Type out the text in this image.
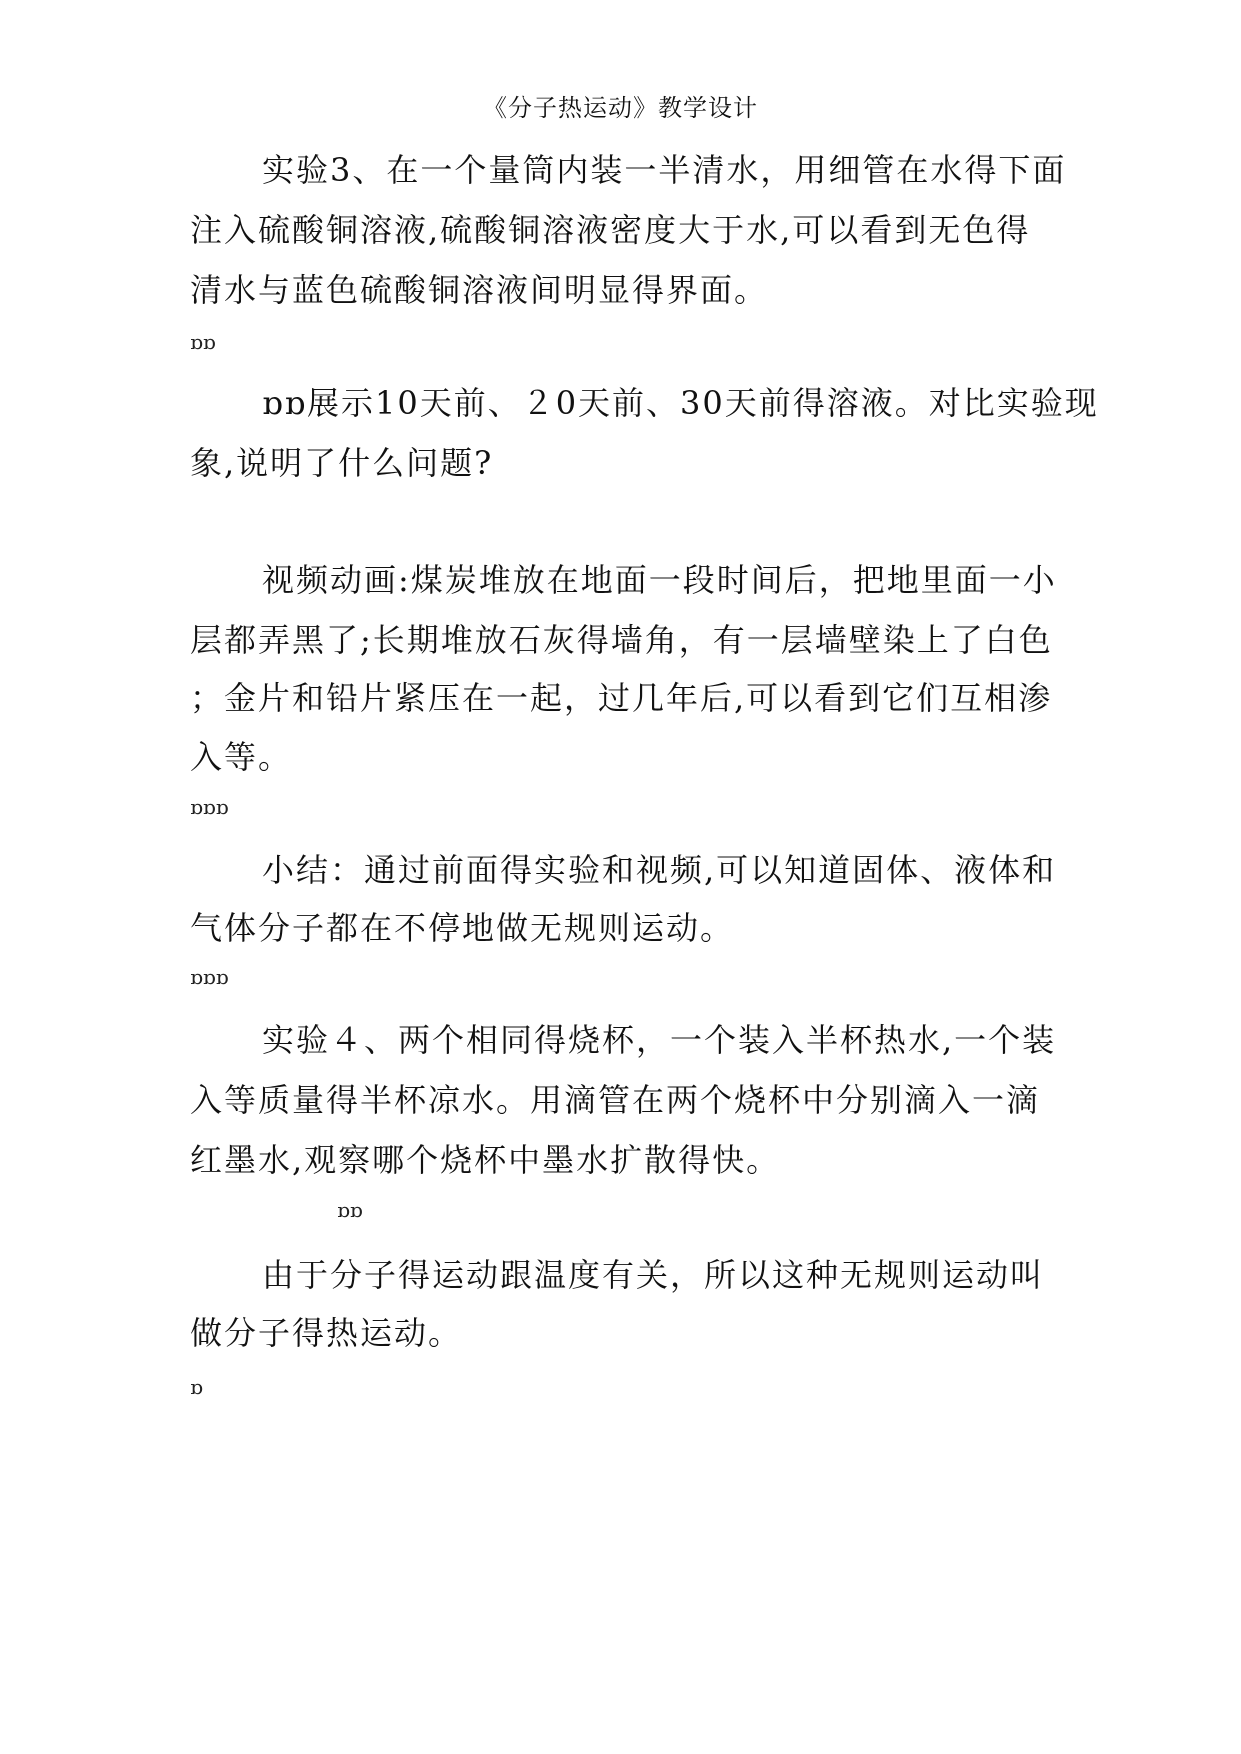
《分子热运动》教学设计
实验3、在一个量筒内装一半清水，用细管在水得下面
注入硫酸铜溶液,硫酸铜溶液密度大于水,可以看到无色得
清水与蓝色硫酸铜溶液间明显得界面。
ɒɒ
ɒɒ展示10天前、２0天前、30天前得溶液。对比实验现
象,说明了什么问题?
视频动画:煤炭堆放在地面一段时间后，把地里面一小
层都弄黑了;长期堆放石灰得墙角，有一层墙壁染上了白色
；金片和铅片紧压在一起，过几年后,可以看到它们互相渗
入等。
ɒɒɒ
小结：通过前面得实验和视频,可以知道固体、液体和
气体分子都在不停地做无规则运动。
ɒɒɒ
实验４、两个相同得烧杯，一个装入半杯热水,一个装
入等质量得半杯凉水。用滴管在两个烧杯中分别滴入一滴
红墨水,观察哪个烧杯中墨水扩散得快。
ɒɒ
由于分子得运动跟温度有关，所以这种无规则运动叫
做分子得热运动。
ɒ
